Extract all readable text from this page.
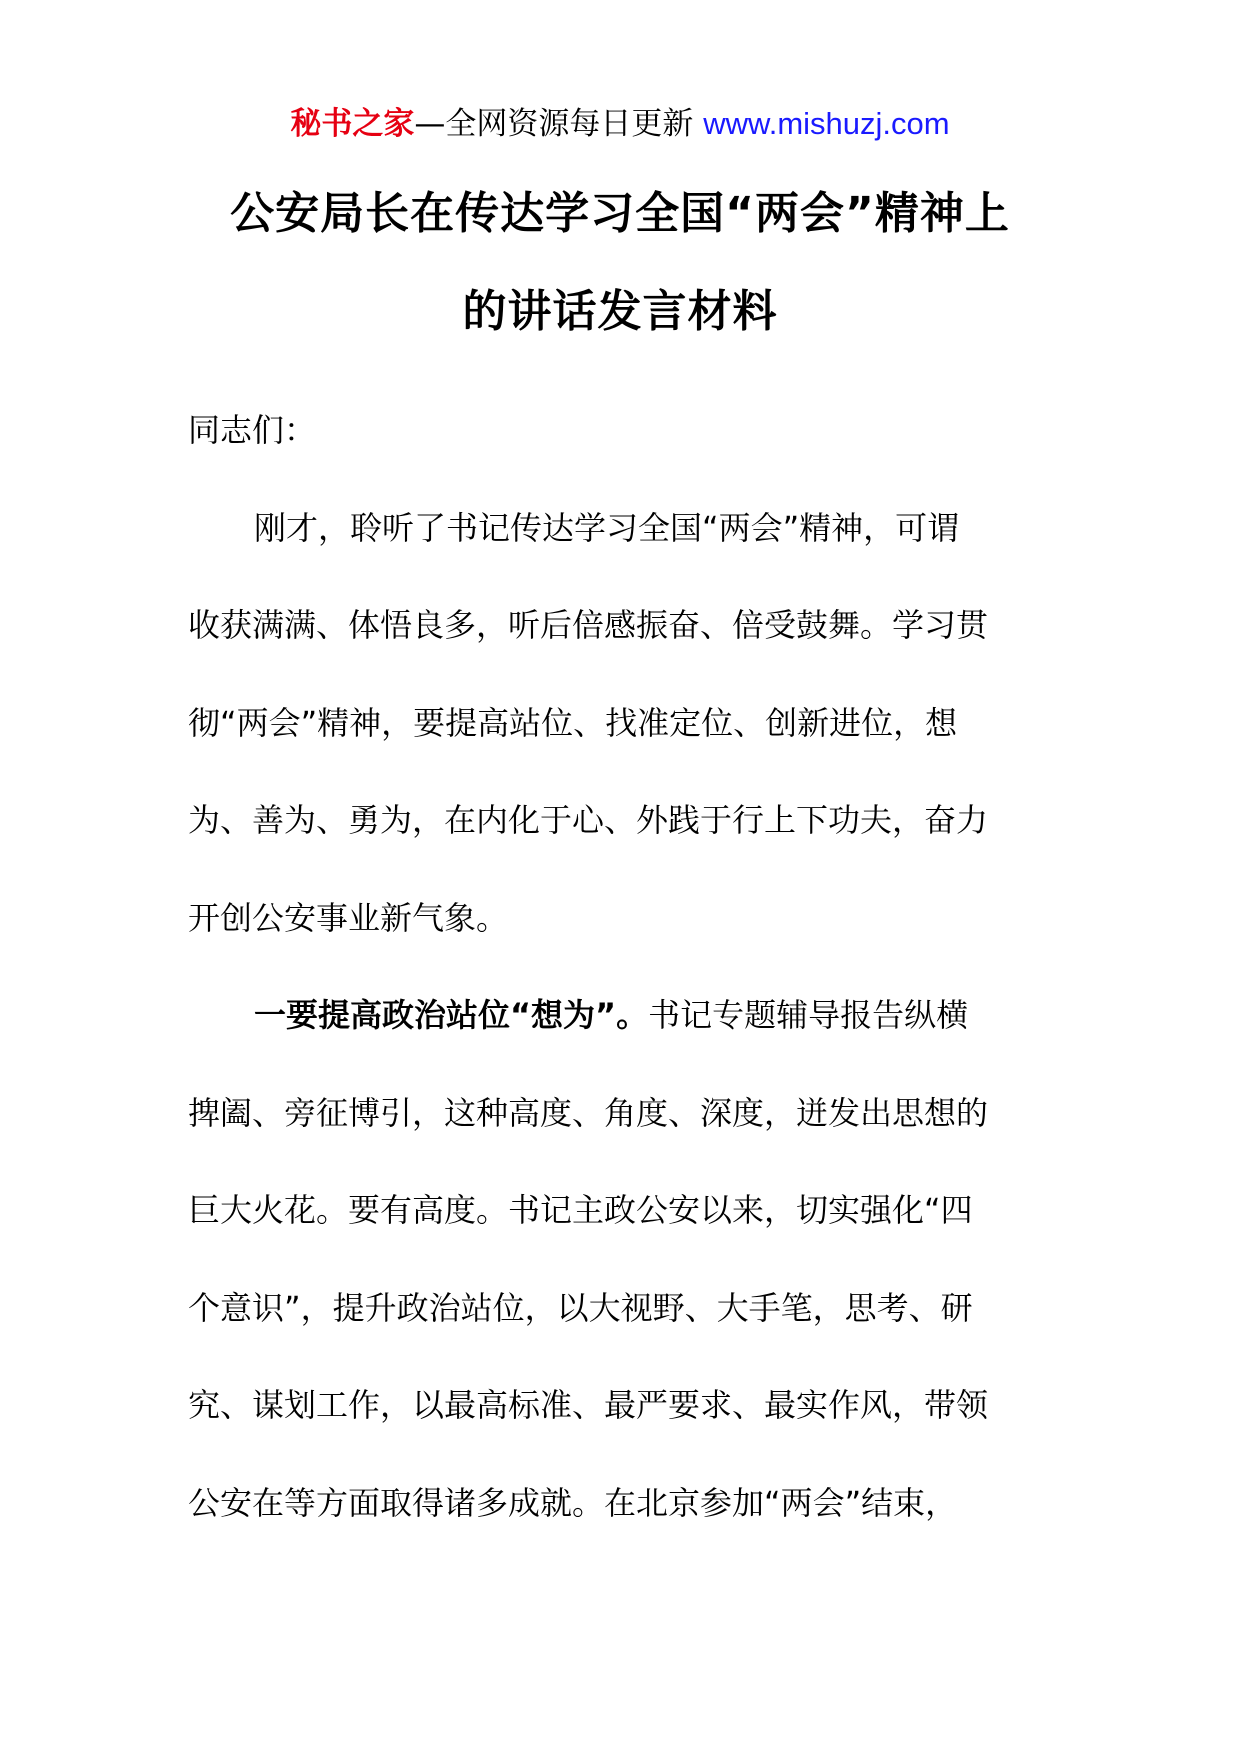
秘书之家—全网资源每日更新 www.mishuzj.com
公安局长在传达学习全国“两会”精神上
的讲话发言材料

同志们：

刚才，聆听了书记传达学习全国“两会”精神，可谓
收获满满、体悟良多，听后倍感振奋、倍受鼓舞。学习贯
彻“两会”精神，要提高站位、找准定位、创新进位，想
为、善为、勇为，在内化于心、外践于行上下功夫，奋力
开创公安事业新气象。
一要提高政治站位“想为”。书记专题辅导报告纵横
捭阖、旁征博引，这种高度、角度、深度，迸发出思想的
巨大火花。要有高度。书记主政公安以来，切实强化“四
个意识”，提升政治站位，以大视野、大手笔，思考、研
究、谋划工作，以最高标准、最严要求、最实作风，带领
公安在等方面取得诸多成就。在北京参加“两会”结束，
